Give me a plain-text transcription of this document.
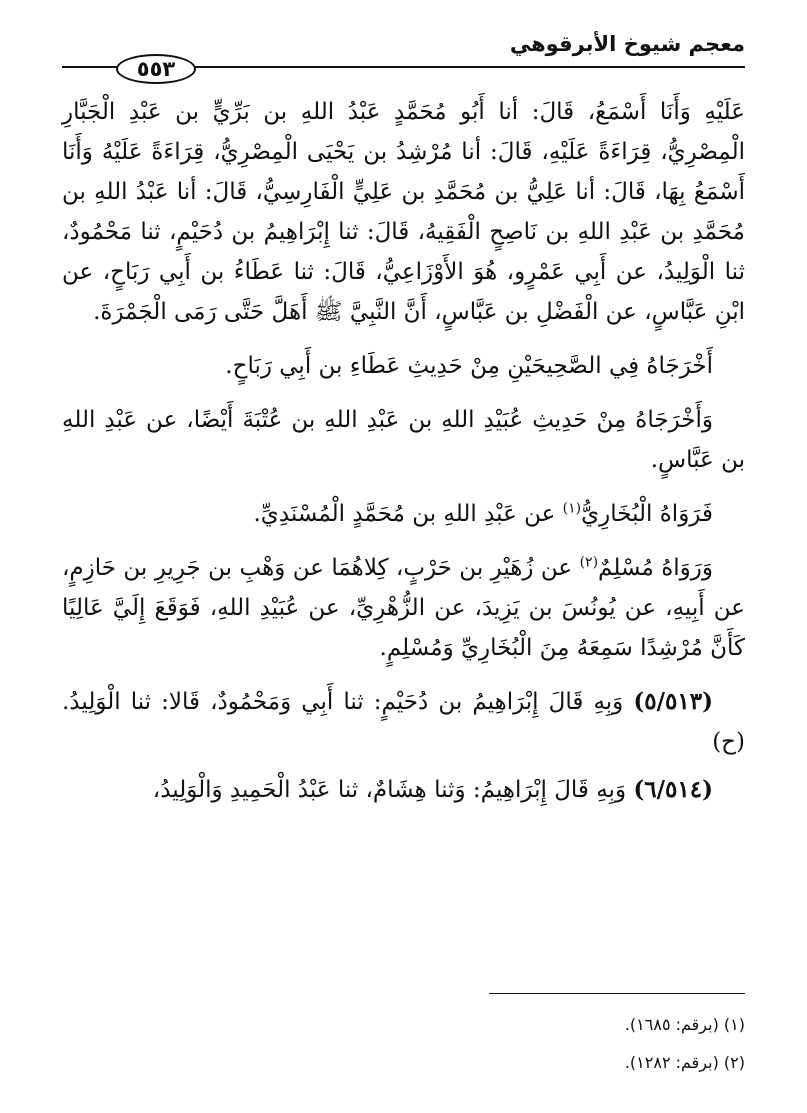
معجم شيوخ الأبرقوهي
٥٥٣

عَلَيْهِ وَأَنَا أَسْمَعُ، قَالَ: أنا أَبُو مُحَمَّدٍ عَبْدُ اللهِ بن بَرِّيٍّ بن عَبْدِ الْجَبَّارِ الْمِصْرِيُّ، قِرَاءَةً عَلَيْهِ، قَالَ: أنا مُرْشِدُ بن يَحْيَى الْمِصْرِيُّ، قِرَاءَةً عَلَيْهُ وَأَنَا أَسْمَعُ بِهَا، قَالَ: أنا عَلِيُّ بن مُحَمَّدِ بن عَلِيٍّ الْفَارِسِيُّ، قَالَ: أنا عَبْدُ اللهِ بن مُحَمَّدِ بن عَبْدِ اللهِ بن نَاصِحٍ الْفَقِيهُ، قَالَ: ثنا إِبْرَاهِيمُ بن دُحَيْمٍ، ثنا مَحْمُودٌ، ثنا الْوَلِيدُ، عن أَبِي عَمْرٍو، هُوَ الأَوْزَاعِيُّ، قَالَ: ثنا عَطَاءُ بن أَبِي رَبَاحٍ، عن ابْنِ عَبَّاسٍ، عن الْفَضْلِ بن عَبَّاسٍ، أَنَّ النَّبِيَّ ﷺ أَهَلَّ حَتَّى رَمَى الْجَمْرَةَ.

أَخْرَجَاهُ فِي الصَّحِيحَيْنِ مِنْ حَدِيثِ عَطَاءِ بن أَبِي رَبَاحٍ.

وَأَخْرَجَاهُ مِنْ حَدِيثِ عُبَيْدِ اللهِ بن عَبْدِ اللهِ بن عُتْبَةَ أَيْضًا، عن عَبْدِ اللهِ بن عَبَّاسٍ.

فَرَوَاهُ الْبُخَارِيُّ$^{(١)}$ عن عَبْدِ اللهِ بن مُحَمَّدٍ الْمُسْنَدِيِّ.

وَرَوَاهُ مُسْلِمٌ$^{(٢)}$ عن زُهَيْرِ بن حَرْبٍ، كِلاهُمَا عن وَهْبِ بن جَرِيرِ بن حَازِمٍ، عن أَبِيهِ، عن يُونُسَ بن يَزِيدَ، عن الزُّهْرِيِّ، عن عُبَيْدِ اللهِ، فَوَقَعَ إِلَيَّ عَالِيًا كَأَنَّ مُرْشِدًا سَمِعَهُ مِنَ الْبُخَارِيِّ وَمُسْلِمٍ.

(٥/٥١٣) وَبِهِ قَالَ إِبْرَاهِيمُ بن دُحَيْمٍ: ثنا أَبِي وَمَحْمُودٌ، قَالا: ثنا الْوَلِيدُ. (ح)

(٦/٥١٤) وَبِهِ قَالَ إِبْرَاهِيمُ: وَثنا هِشَامٌ، ثنا عَبْدُ الْحَمِيدِ وَالْوَلِيدُ،

(١) (برقم: ١٦٨٥).
(٢) (برقم: ١٢٨٢).
